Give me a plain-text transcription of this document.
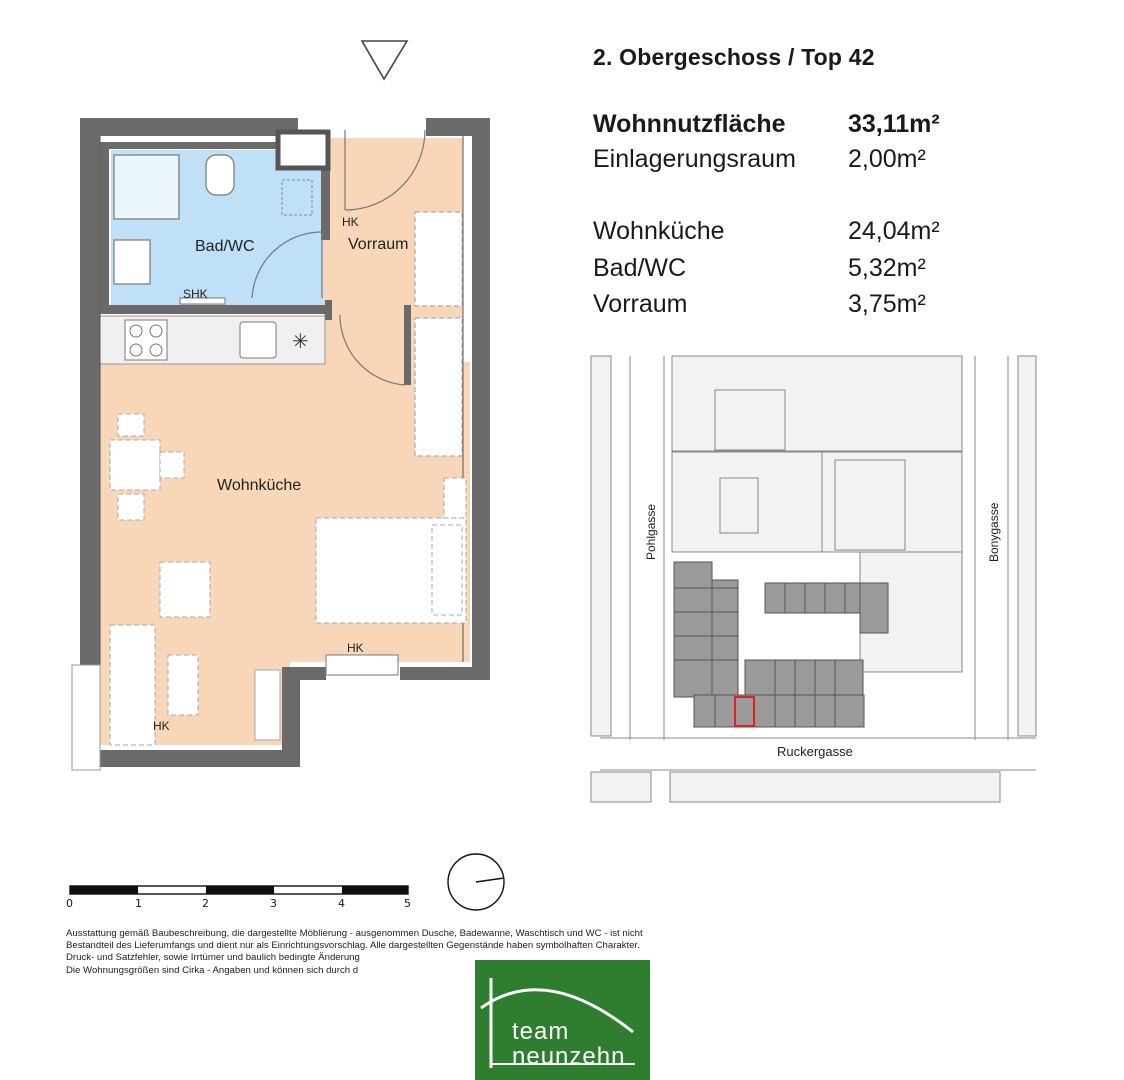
✳
Bad/WC	Vorraum
Wohnküche
HK
SHK
HK
HK
Pohlgasse	Bonygasse
Ruckergasse
2. Obergeschoss / Top 42
Wohnnutzfläche 33,11m²
Einlagerungsraum 2,00m²
Wohnküche	24,04m²
Bad/WC	5,32m²
Vorraum	3,75m²
0	1	2	3	4	5
Ausstattung gemäß Baubeschreibung, die dargestellte Möblierung - ausgenommen Dusche, Badewanne, Waschtisch und WC - ist nicht
Bestandteil des Lieferumfangs und dient nur als Einrichtungsvorschlag. Alle dargestellten Gegenstände haben symbolhaften Charakter.
Druck- und Satzfehler, sowie Irrtümer und baulich bedingte Änderung
Die Wohnungsgrößen sind Cirka - Angaben und können sich durch d
team
neunzehn
